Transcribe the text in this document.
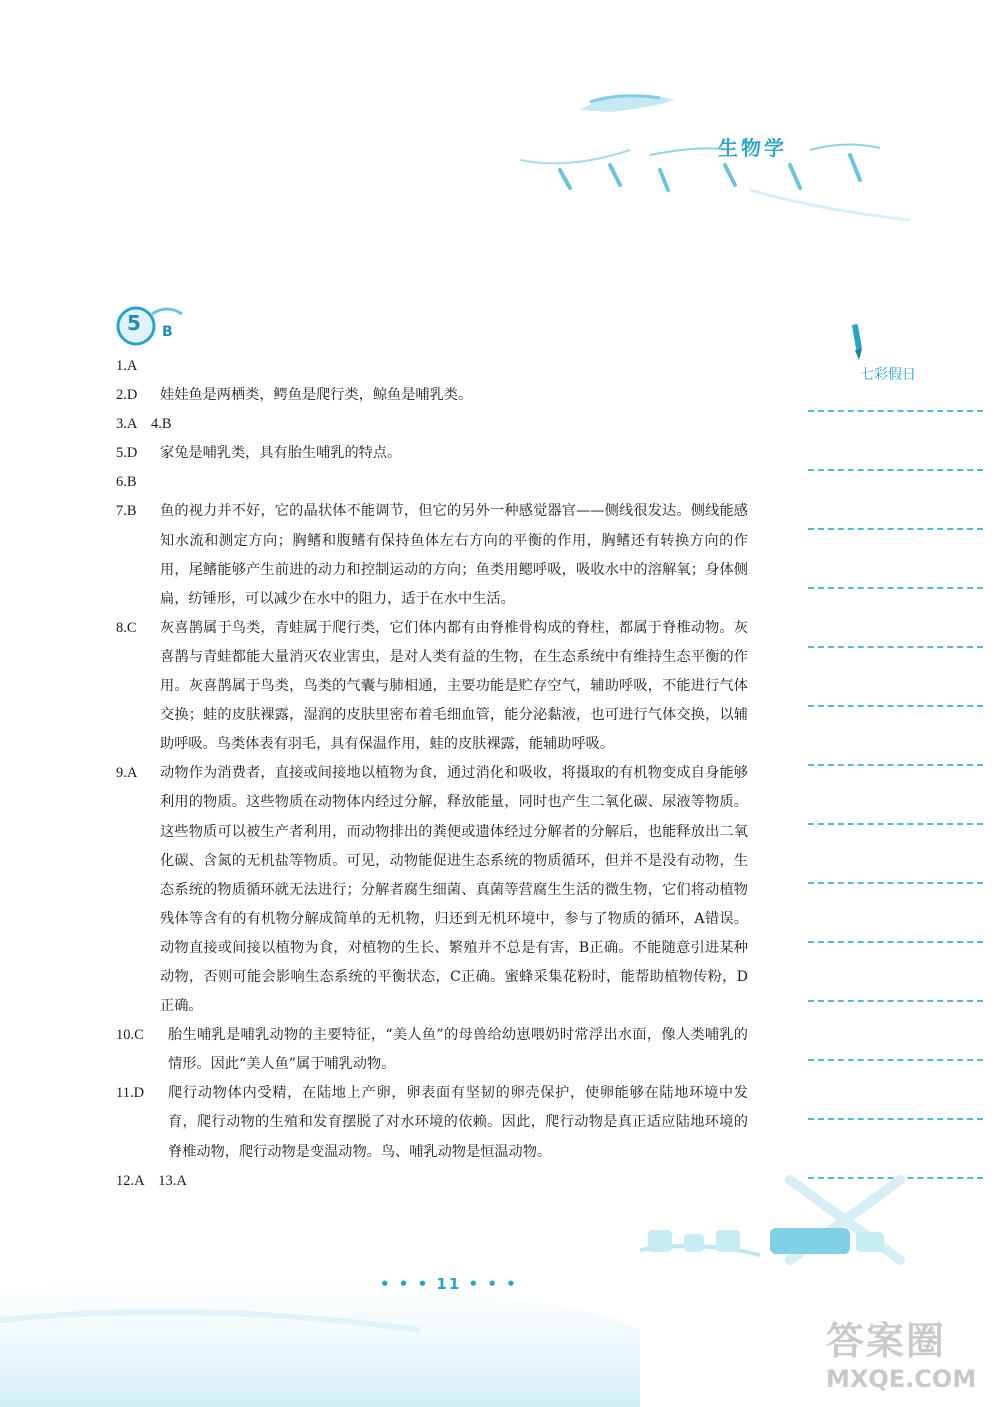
生物学
5 B
1.A
2.D 娃娃鱼是两栖类，鳄鱼是爬行类，鲸鱼是哺乳类。
3.A　4.B
5.D 家兔是哺乳类，具有胎生哺乳的特点。
6.B
7.B 鱼的视力并不好，它的晶状体不能调节，但它的另外一种感觉器官——侧线很发达。侧线能感知水流和测定方向；胸鳍和腹鳍有保持鱼体左右方向的平衡的作用，胸鳍还有转换方向的作用，尾鳍能够产生前进的动力和控制运动的方向；鱼类用鳃呼吸，吸收水中的溶解氧；身体侧扁，纺锤形，可以减少在水中的阻力，适于在水中生活。
8.C 灰喜鹊属于鸟类，青蛙属于爬行类，它们体内都有由脊椎骨构成的脊柱，都属于脊椎动物。灰喜鹊与青蛙都能大量消灭农业害虫，是对人类有益的生物，在生态系统中有维持生态平衡的作用。灰喜鹊属于鸟类，鸟类的气囊与肺相通，主要功能是贮存空气，辅助呼吸，不能进行气体交换；蛙的皮肤裸露，湿润的皮肤里密布着毛细血管，能分泌黏液，也可进行气体交换，以辅助呼吸。鸟类体表有羽毛，具有保温作用，蛙的皮肤裸露，能辅助呼吸。
9.A 动物作为消费者，直接或间接地以植物为食，通过消化和吸收，将摄取的有机物变成自身能够利用的物质。这些物质在动物体内经过分解，释放能量，同时也产生二氧化碳、尿液等物质。这些物质可以被生产者利用，而动物排出的粪便或遗体经过分解者的分解后，也能释放出二氧化碳、含氮的无机盐等物质。可见，动物能促进生态系统的物质循环，但并不是没有动物，生态系统的物质循环就无法进行；分解者腐生细菌、真菌等营腐生生活的微生物，它们将动植物残体等含有的有机物分解成简单的无机物，归还到无机环境中，参与了物质的循环，A错误。动物直接或间接以植物为食，对植物的生长、繁殖并不总是有害，B正确。不能随意引进某种动物，否则可能会影响生态系统的平衡状态，C正确。蜜蜂采集花粉时，能帮助植物传粉，D正确。
10.C 胎生哺乳是哺乳动物的主要特征，“美人鱼”的母兽给幼崽喂奶时常浮出水面，像人类哺乳的情形。因此“美人鱼”属于哺乳动物。
11.D 爬行动物体内受精，在陆地上产卵，卵表面有坚韧的卵壳保护，使卵能够在陆地环境中发育，爬行动物的生殖和发育摆脱了对水环境的依赖。因此，爬行动物是真正适应陆地环境的脊椎动物，爬行动物是变温动物。鸟、哺乳动物是恒温动物。
12.A　13.A
七彩假日
• • • 11 • • •
答案圈
MXQE.COM
